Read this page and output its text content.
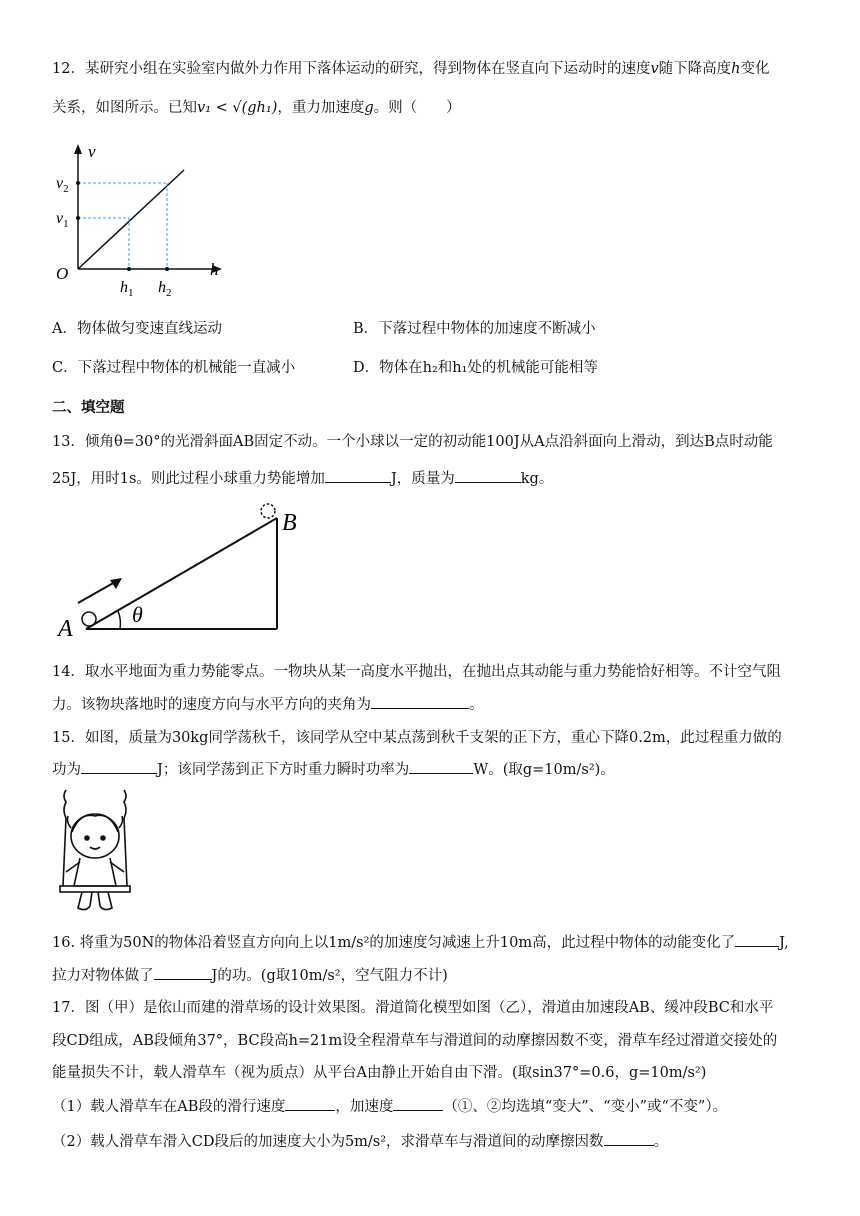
12．某研究小组在实验室内做外力作用下落体运动的研究，得到物体在竖直向下运动时的速度v随下降高度h变化
关系，如图所示。已知v₁ < √(gh₁)，重力加速度g。则（　　）
v
h
O
$v_2$
$v_1$
$h_1$ $h_2$
A．物体做匀变速直线运动	B．下落过程中物体的加速度不断减小
C．下落过程中物体的机械能一直减小	D．物体在h₂和h₁处的机械能可能相等
二、填空题
13．倾角θ=30°的光滑斜面AB固定不动。一个小球以一定的初动能100J从A点沿斜面向上滑动，到达B点时动能
25J，用时1s。则此过程小球重力势能增加	J，质量为	kg。
A
B
θ
14．取水平地面为重力势能零点。一物块从某一高度水平抛出，在抛出点其动能与重力势能恰好相等。不计空气阻
力。该物块落地时的速度方向与水平方向的夹角为	。
15．如图，质量为30kg同学荡秋千，该同学从空中某点荡到秋千支架的正下方，重心下降0.2m，此过程重力做的
功为	J；该同学荡到正下方时重力瞬时功率为	W。(取g=10m/s²)。
16. 将重为50N的物体沿着竖直方向向上以1m/s²的加速度匀减速上升10m高，此过程中物体的动能变化了	J,
拉力对物体做了	J的功。(g取10m/s²，空气阻力不计)
17．图（甲）是依山而建的滑草场的设计效果图。滑道简化模型如图（乙），滑道由加速段AB、缓冲段BC和水平
段CD组成，AB段倾角37°，BC段高h=21m设全程滑草车与滑道间的动摩擦因数不变，滑草车经过滑道交接处的
能量损失不计，载人滑草车（视为质点）从平台A由静止开始自由下滑。(取sin37°=0.6，g=10m/s²)
（1）载人滑草车在AB段的滑行速度	，加速度	（①、②均选填“变大”、“变小”或“不变”）。
（2）载人滑草车滑入CD段后的加速度大小为5m/s²，求滑草车与滑道间的动摩擦因数	。
